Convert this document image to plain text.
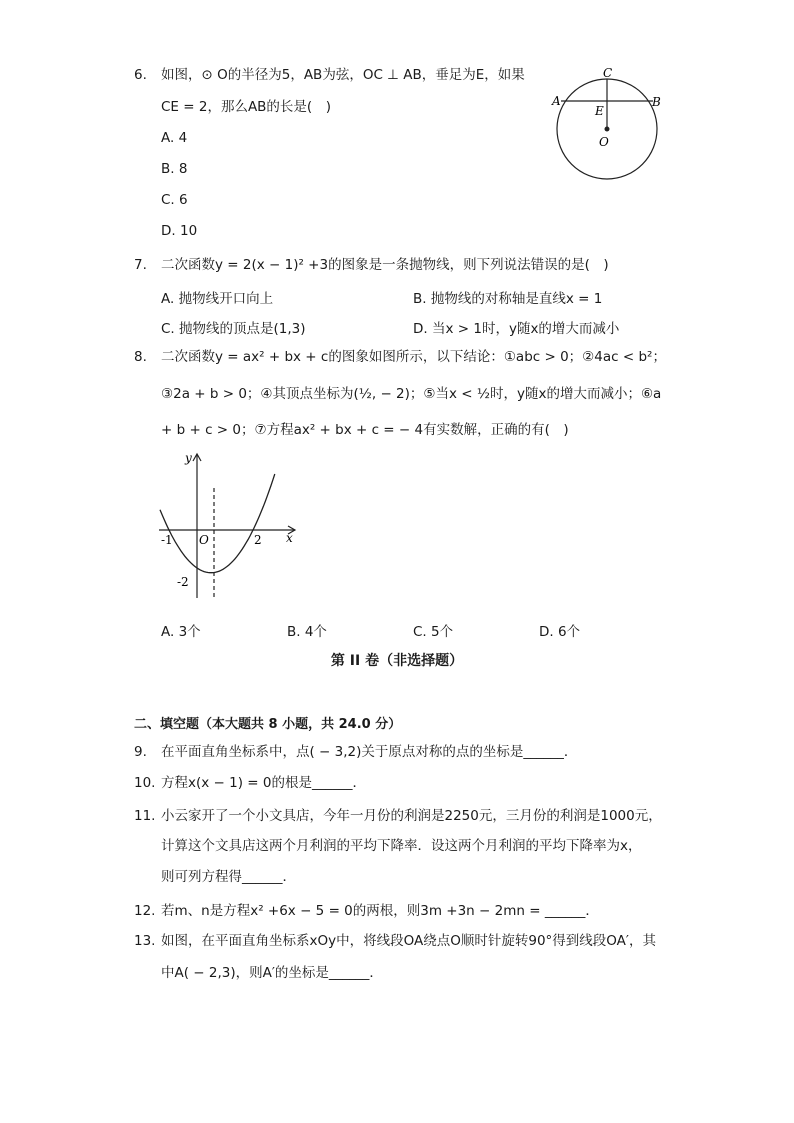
6. 如图，⊙ O的半径为5，AB为弦，OC ⊥ AB，垂足为E，如果
CE = 2，那么AB的长是(　)
A. 4
B. 8
C. 6
D. 10
C
A	B
E
O
7. 二次函数y = 2(x − 1)² +3的图象是一条抛物线，则下列说法错误的是(　)
A. 抛物线开口向上	B. 抛物线的对称轴是直线x = 1
C. 抛物线的顶点是(1,3)	D. 当x > 1时，y随x的增大而减小
8. 二次函数y = ax² + bx + c的图象如图所示，以下结论：①abc > 0；②4ac < b²；
③2a + b > 0；④其顶点坐标为(½, − 2)；⑤当x < ½时，y随x的增大而减小；⑥a
+ b + c > 0；⑦方程ax² + bx + c = − 4有实数解，正确的有(　)
y
x
O
-1	2
-2
A. 3个	B. 4个	C. 5个	D. 6个
第 II 卷（非选择题）
二、填空题（本大题共 8 小题，共 24.0 分）
9. 在平面直角坐标系中，点( − 3,2)关于原点对称的点的坐标是______．
10. 方程x(x − 1) = 0的根是______．
11. 小云家开了一个小文具店，今年一月份的利润是2250元，三月份的利润是1000元，
计算这个文具店这两个月利润的平均下降率．设这两个月利润的平均下降率为x，
则可列方程得______．
12. 若m、n是方程x² +6x − 5 = 0的两根，则3m +3n − 2mn = ______．
13. 如图，在平面直角坐标系xOy中，将线段OA绕点O顺时针旋转90°得到线段OA′，其
中A( − 2,3)，则A′的坐标是______．
